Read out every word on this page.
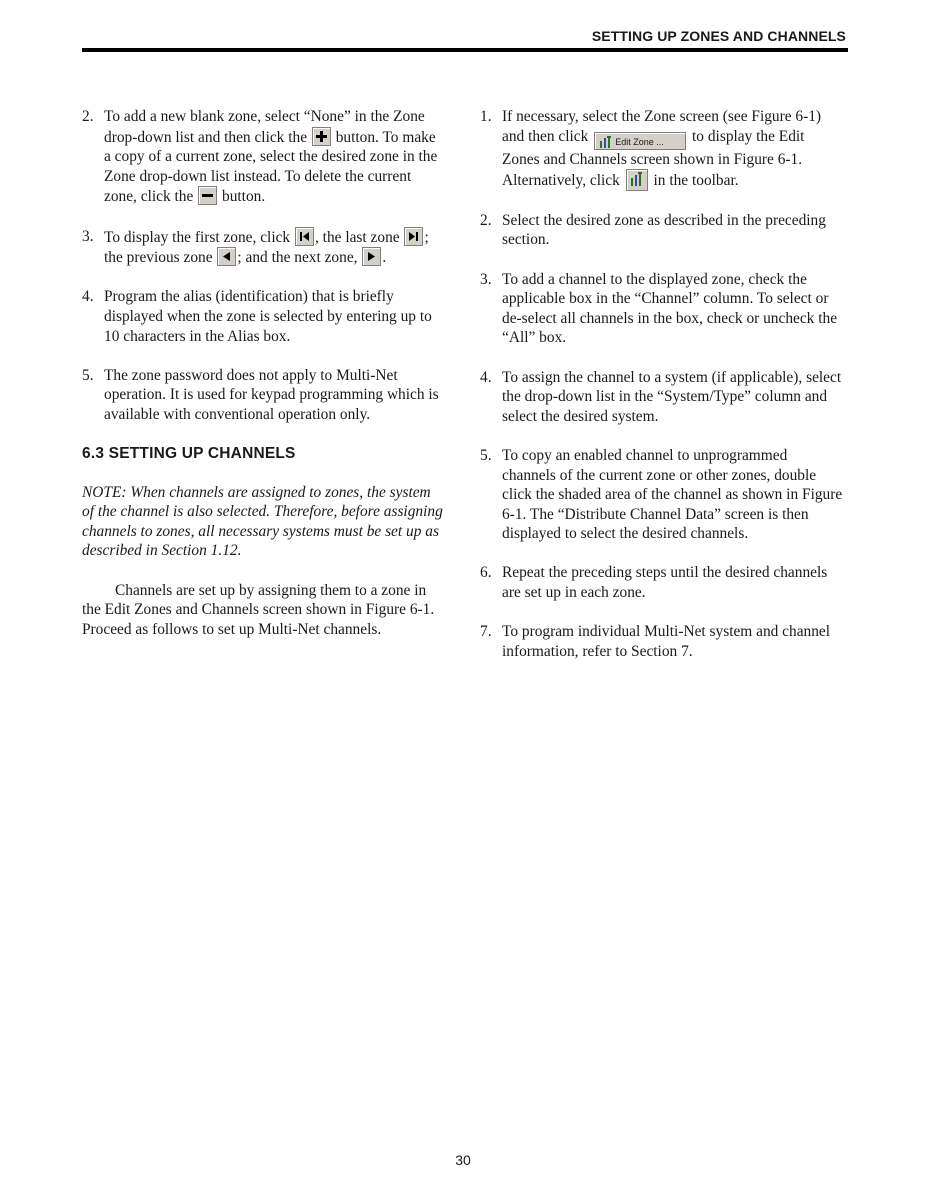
SETTING UP ZONES AND CHANNELS
2. To add a new blank zone, select “None” in the Zone drop-down list and then click the
button. To make a copy of a current zone, select the desired zone in the Zone drop-down list instead. To delete the current zone, click the
button.
3. To display the first zone, click
, the last zone
; the previous zone
; and the next zone,
.
4. Program the alias (identification) that is briefly displayed when the zone is selected by entering up to 10 characters in the Alias box.
5. The zone password does not apply to Multi-Net operation. It is used for keypad programming which is available with conventional operation only.
6.3 SETTING UP CHANNELS

NOTE: When channels are assigned to zones, the system of the channel is also selected. Therefore, before assigning channels to zones, all necessary systems must be set up as described in Section 1.12.

Channels are set up by assigning them to a zone in the Edit Zones and Channels screen shown in Figure 6-1. Proceed as follows to set up Multi-Net channels.

1. If necessary, select the Zone screen (see Figure 6-1) and then click	Edit Zone ... to display the Edit Zones and Channels screen shown in Figure 6-1. Alternatively, click
in the toolbar.
2. Select the desired zone as described in the preceding section.
3. To add a channel to the displayed zone, check the applicable box in the “Channel” column. To select or de-select all channels in the box, check or uncheck the “All” box.
4. To assign the channel to a system (if applicable), select the drop-down list in the “System/Type” column and select the desired system.
5. To copy an enabled channel to unprogrammed channels of the current zone or other zones, double click the shaded area of the channel as shown in Figure 6-1. The “Distribute Channel Data” screen is then displayed to select the desired channels.
6. Repeat the preceding steps until the desired channels are set up in each zone.
7. To program individual Multi-Net system and channel information, refer to Section 7.
30
